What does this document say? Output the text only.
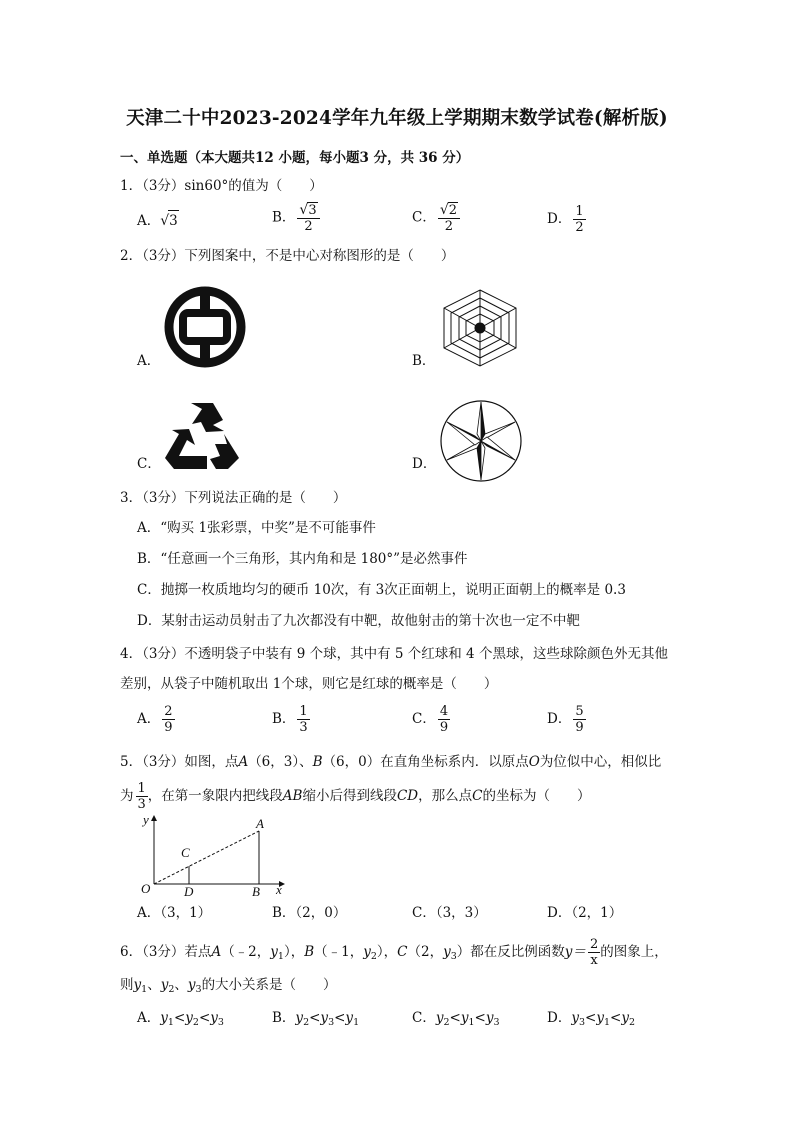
天津二十中2023-2024学年九年级上学期期末数学试卷(解析版)
一、单选题（本大题共12 小题，每小题3 分，共 36 分）
1．（3分）sin60°的值为（　　）
A．√3	B． $\frac{√3}{2}$	C． $\frac{√2}{2}$	D． $\frac{1}{2}$
2．（3分）下列图案中，不是中心对称图形的是（　　）
A．	B．
C．	D．
3．（3分）下列说法正确的是（　　）
A．“购买 1张彩票，中奖”是不可能事件
B．“任意画一个三角形，其内角和是 180°”是必然事件
C．抛掷一枚质地均匀的硬币 10次，有 3次正面朝上，说明正面朝上的概率是 0.3
D．某射击运动员射击了九次都没有中靶，故他射击的第十次也一定不中靶
4．（3分）不透明袋子中装有 9 个球，其中有 5 个红球和 4 个黑球，这些球除颜色外无其他
差别，从袋子中随机取出 1个球，则它是红球的概率是（　　）
A． $\frac{2}{9}$	B． $\frac{1}{3}$	C． $\frac{4}{9}$	D． $\frac{5}{9}$
5．（3分）如图，点A（6，3）、B（6，0）在直角坐标系内．以原点O为位似中心，相似比
为 $\frac{1}{3}$ ，在第一象限内把线段AB缩小后得到线段CD，那么点C的坐标为（　　）
y
x
A
B
C
D
O
A．（3，1）	B．（2，0）	C．（3，3）	D．（2，1）
6．（3分）若点A（﹣2，$y_1$），B（﹣1，$y_2$），C（2，$y_3$）都在反比例函数$y= \frac{2}{x}$ 的图象上，
则$y_1$、$y_2$、$y_3$的大小关系是（　　）
A．$y_1<y_2<y_3$	B．$y_2<y_3<y_1$	C．$y_2<y_1<y_3$	D．$y_3<y_1<y_2$
